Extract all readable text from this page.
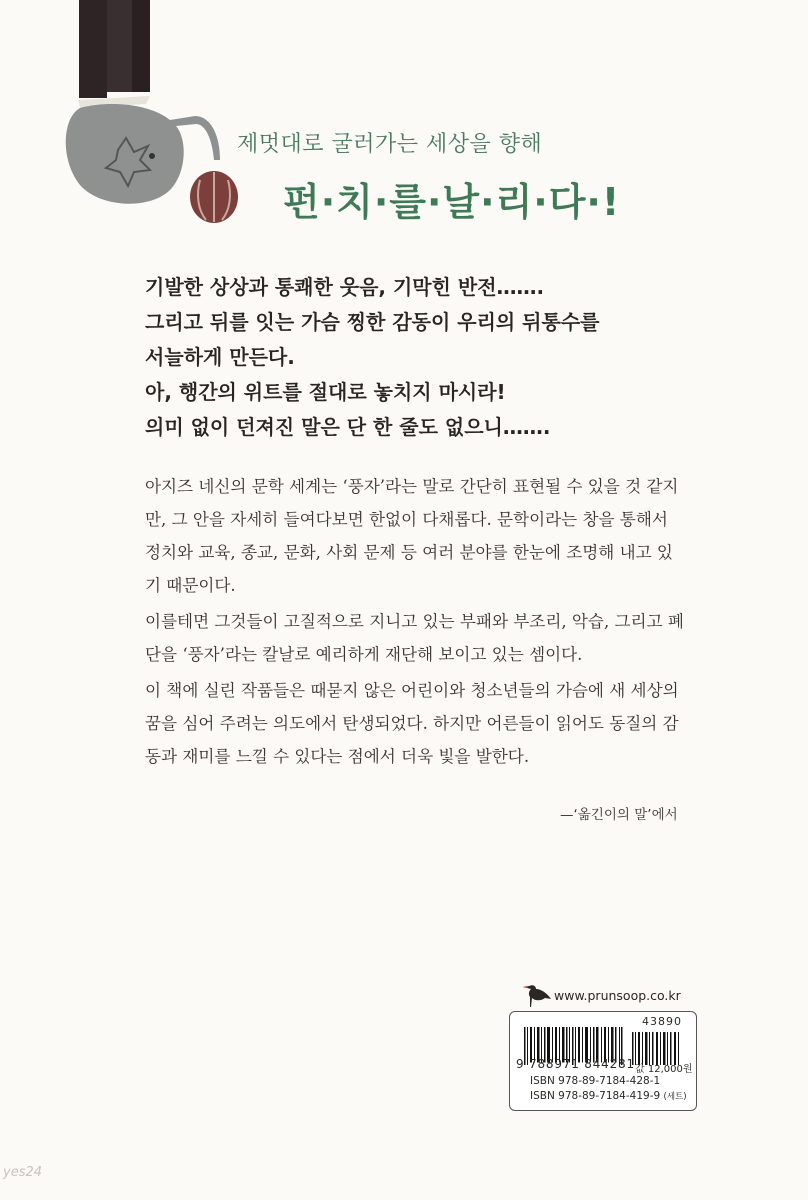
제멋대로 굴러가는 세상을 향해
펀·치·를·날·리·다·!
기발한 상상과 통쾌한 웃음, 기막힌 반전…….
그리고 뒤를 잇는 가슴 찡한 감동이 우리의 뒤통수를
서늘하게 만든다.
아, 행간의 위트를 절대로 놓치지 마시라!
의미 없이 던져진 말은 단 한 줄도 없으니…….

아지즈 네신의 문학 세계는 ‘풍자’라는 말로 간단히 표현될 수 있을 것 같지만, 그 안을 자세히 들여다보면 한없이 다채롭다. 문학이라는 창을 통해서 정치와 교육, 종교, 문화, 사회 문제 등 여러 분야를 한눈에 조명해 내고 있기 때문이다.

이를테면 그것들이 고질적으로 지니고 있는 부패와 부조리, 악습, 그리고 폐단을 ‘풍자’라는 칼날로 예리하게 재단해 보이고 있는 셈이다.

이 책에 실린 작품들은 때묻지 않은 어린이와 청소년들의 가슴에 새 세상의 꿈을 심어 주려는 의도에서 탄생되었다. 하지만 어른들이 읽어도 동질의 감동과 재미를 느낄 수 있다는 점에서 더욱 빛을 발한다.

—‘옮긴이의 말’에서
www.prunsoop.co.kr
43890
9 788971 844281 값 12,000원
ISBN 978-89-7184-428-1
ISBN 978-89-7184-419-9 (세트)
yes24
